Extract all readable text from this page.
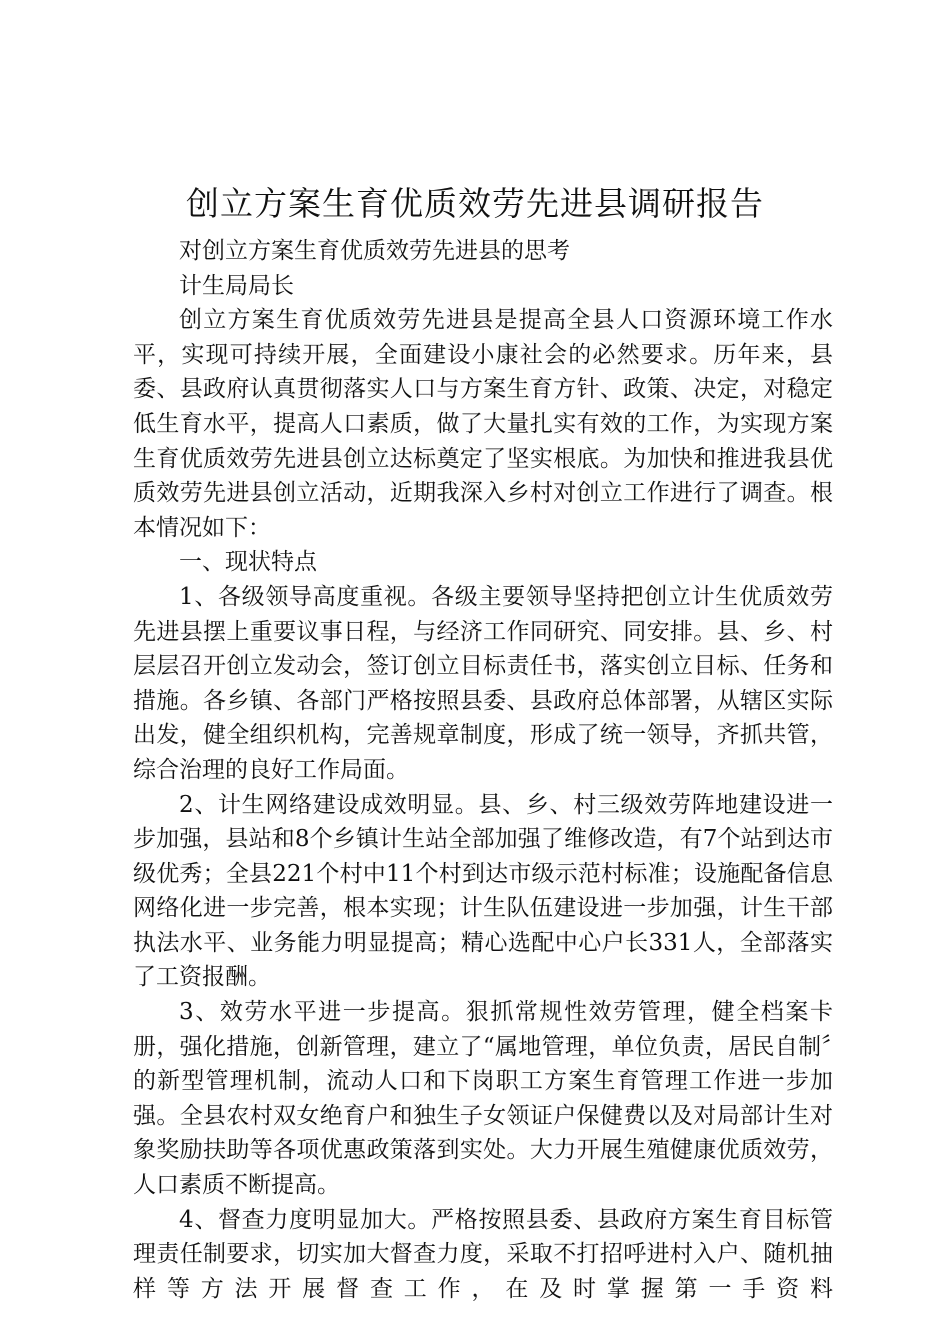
创立方案生育优质效劳先进县调研报告

对创立方案生育优质效劳先进县的思考

计生局局长

创立方案生育优质效劳先进县是提高全县人口资源环境工作水平，实现可持续开展，全面建设小康社会的必然要求。历年来，县委、县政府认真贯彻落实人口与方案生育方针、政策、决定，对稳定低生育水平，提高人口素质，做了大量扎实有效的工作，为实现方案生育优质效劳先进县创立达标奠定了坚实根底。为加快和推进我县优质效劳先进县创立活动，近期我深入乡村对创立工作进行了调查。根本情况如下：

一、现状特点

1、各级领导高度重视。各级主要领导坚持把创立计生优质效劳先进县摆上重要议事日程，与经济工作同研究、同安排。县、乡、村层层召开创立发动会，签订创立目标责任书，落实创立目标、任务和措施。各乡镇、各部门严格按照县委、县政府总体部署，从辖区实际出发，健全组织机构，完善规章制度，形成了统一领导，齐抓共管，综合治理的良好工作局面。

2、计生网络建设成效明显。县、乡、村三级效劳阵地建设进一步加强，县站和8个乡镇计生站全部加强了维修改造，有7个站到达市级优秀；全县221个村中11个村到达市级示范村标准；设施配备信息网络化进一步完善，根本实现；计生队伍建设进一步加强，计生干部执法水平、业务能力明显提高；精心选配中心户长331人，全部落实了工资报酬。

3、效劳水平进一步提高。狠抓常规性效劳管理，健全档案卡册，强化措施，创新管理，建立了“属地管理，单位负责，居民自制〞的新型管理机制，流动人口和下岗职工方案生育管理工作进一步加强。全县农村双女绝育户和独生子女领证户保健费以及对局部计生对象奖励扶助等各项优惠政策落到实处。大力开展生殖健康优质效劳，人口素质不断提高。

4、督查力度明显加大。严格按照县委、县政府方案生育目标管理责任制要求，切实加大督查力度，采取不打招呼进村入户、随机抽样等方法开展督查工作，在及时掌握第一手资料
